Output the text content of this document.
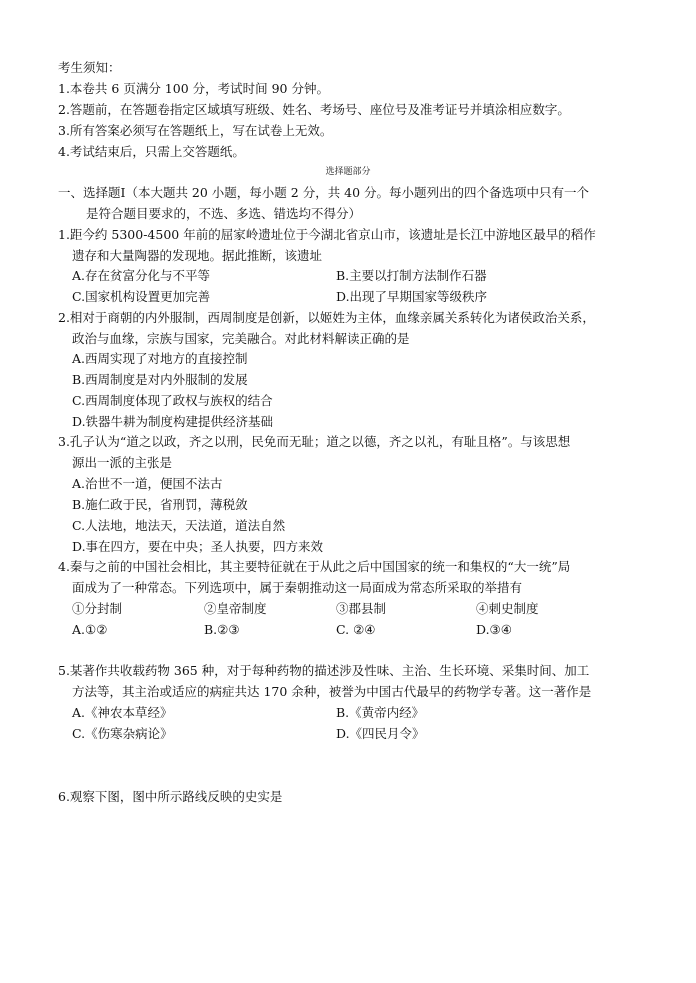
考生须知：
1.本卷共 6 页满分 100 分，考试时间 90 分钟。
2.答题前，在答题卷指定区域填写班级、姓名、考场号、座位号及准考证号并填涂相应数字。
3.所有答案必须写在答题纸上，写在试卷上无效。
4.考试结束后，只需上交答题纸。
选择题部分
一、选择题Ⅰ（本大题共 20 小题，每小题 2 分，共 40 分。每小题列出的四个备选项中只有一个
是符合题目要求的，不选、多选、错选均不得分）
1.距今约 5300-4500 年前的屈家岭遗址位于今湖北省京山市，该遗址是长江中游地区最早的稻作
遗存和大量陶器的发现地。据此推断，该遗址
A.存在贫富分化与不平等	B.主要以打制方法制作石器
C.国家机构设置更加完善	D.出现了早期国家等级秩序
2.相对于商朝的内外服制，西周制度是创新，以姬姓为主体，血缘亲属关系转化为诸侯政治关系，
政治与血缘，宗族与国家，完美融合。对此材料解读正确的是
A.西周实现了对地方的直接控制
B.西周制度是对内外服制的发展
C.西周制度体现了政权与族权的结合
D.铁器牛耕为制度构建提供经济基础
3.孔子认为“道之以政，齐之以刑，民免而无耻；道之以德，齐之以礼，有耻且格”。与该思想
源出一派的主张是
A.治世不一道，便国不法古
B.施仁政于民，省刑罚，薄税敛
C.人法地，地法天，天法道，道法自然
D.事在四方，要在中央；圣人执要，四方来效
4.秦与之前的中国社会相比，其主要特征就在于从此之后中国国家的统一和集权的“大一统”局
面成为了一种常态。下列选项中，属于秦朝推动这一局面成为常态所采取的举措有
①分封制	②皇帝制度	③郡县制	④刺史制度
A.①②	B.②③	C. ②④	D.③④
5.某著作共收载药物 365 种，对于每种药物的描述涉及性味、主治、生长环境、采集时间、加工
方法等，其主治或适应的病症共达 170 余种，被誉为中国古代最早的药物学专著。这一著作是
A.《神农本草经》	B.《黄帝内经》
C.《伤寒杂病论》	D.《四民月令》
6.观察下图，图中所示路线反映的史实是
